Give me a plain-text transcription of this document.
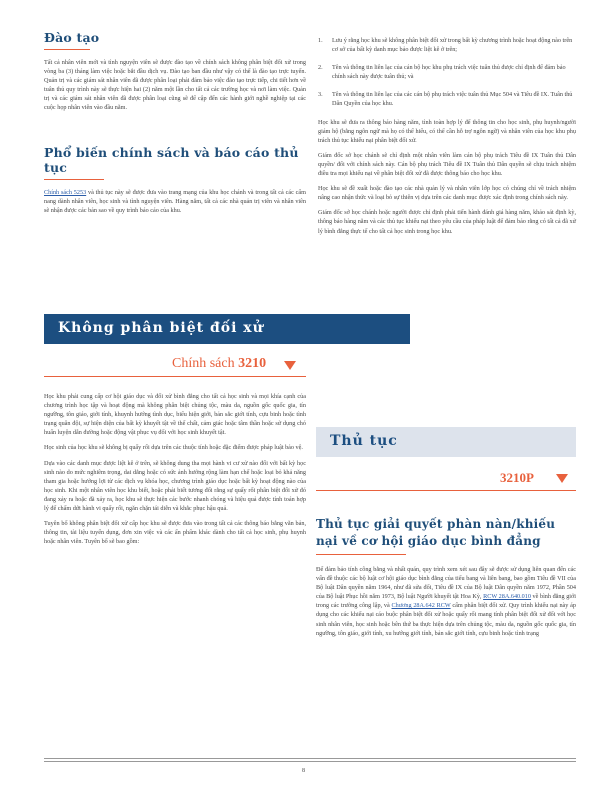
Đào tạo

Tất cả nhân viên mới và tình nguyện viên sẽ được đào tạo về chính sách không phân biệt đối xử trong vòng ba (3) tháng làm việc hoặc bắt đầu dịch vụ. Đào tạo ban đầu như vậy có thể là đào tạo trực tuyến. Quản trị và các giám sát nhân viên đã được phân loại phải đảm bảo việc đào tạo trực tiếp, chi tiết hơn về tuân thủ quy trình này sẽ thực hiện hai (2) năm một lần cho tất cả các trường học và nơi làm việc. Quản trị và các giám sát nhân viên đã được phân loại cũng sẽ để cập đến các hành giới nghề nghiệp tại các cuộc họp nhân viên vào đầu năm.

Phổ biến chính sách và báo cáo thủ tục

Chính sách 5253 và thủ tục này sẽ được đưa vào trang mạng của khu học chánh và trong tất cả các cẩm nang dành nhân viên, học sinh và tình nguyện viên. Hàng năm, tất cả các nhà quản trị viên và nhân viên sẽ nhận được các bản sao về quy trình báo cáo của khu.

Không phân biệt đối xử
Chính sách 3210

Học khu phải cung cấp cơ hội giáo dục và đối xử bình đẳng cho tất cả học sinh và mọi khía cạnh của chương trình học tập và hoạt động mà không phân biệt chủng tộc, màu da, nguồn gốc quốc gia, tín ngưỡng, tôn giáo, giới tính, khuynh hướng tình dục, biểu hiện giới, bản sắc giới tính, cựu binh hoặc tình trạng quân đội, sự hiện diện của bất kỳ khuyết tật về thể chất, cảm giác hoặc tâm thần hoặc sử dụng chó huấn luyện dẫn đường hoặc động vật phục vụ đối với học sinh khuyết tật.

Học sinh của học khu sẽ không bị quấy rối dựa trên các thuộc tính hoặc đặc điểm được pháp luật bảo vệ.

Dựa vào các danh mục được liệt kê ở trên, sẽ không dung tha mọi hành vi cư xử nào đối với bất kỳ học sinh nào do mức nghiêm trọng, dai dẳng hoặc có sức ảnh hưởng rộng làm hạn chế hoặc loại bỏ khả năng tham gia hoặc hưởng lợi từ các dịch vụ khóa học, chương trình giáo dục hoặc bất kỳ hoạt động nào của học sinh. Khi một nhân viên học khu biết, hoặc phải biết tương đối rằng sự quấy rối phân biệt đối xử đó đang xảy ra hoặc đã xảy ra, học khu sẽ thực hiện các bước nhanh chóng và hiệu quả được tính toán hợp lý để chấm dứt hành vi quấy rối, ngăn chặn tái diễn và khắc phục hậu quả.

Tuyên bố không phân biệt đối xử cấp học khu sẽ được đưa vào trong tất cả các thông báo bằng văn bản, thông tin, tài liệu tuyển dụng, đơn xin việc và các ấn phẩm khác dành cho tất cả học sinh, phụ huynh hoặc nhân viên. Tuyên bố sẽ bao gồm:

1. Lưu ý rằng học khu sẽ không phân biệt đối xử trong bất kỳ chương trình hoặc hoạt động nào trên cơ sở của bất kỳ danh mục bảo được liệt kê ở trên;
2. Tên và thông tin liên lạc của cán bộ học khu phụ trách việc tuân thủ được chỉ định để đảm bảo chính sách này được tuân thủ; và
3. Tên và thông tin liên lạc của các cán bộ phụ trách việc tuân thủ Mục 504 và Tiêu đề IX. Tuân thủ Dân Quyền của học khu.

Học khu sẽ đưa ra thông báo hàng năm, tình toàn hợp lý để thông tin cho học sinh, phụ huynh/người giám hộ (bằng ngôn ngữ mà họ có thể hiểu, có thể cần hỗ trợ ngôn ngữ) và nhân viên của học khu phụ trách thủ tục khiếu nại phân biệt đối xử.

Giám đốc sở học chánh sẽ chỉ định một nhân viên làm cán bộ phụ trách Tiêu đề IX Tuân thủ Dân quyền/ đối với chính sách này. Cán bộ phụ trách Tiêu đề IX Tuân thủ Dân quyền sẽ chịu trách nhiệm điều tra mọi khiếu nại về phân biệt đối xử đã được thông báo cho học khu.

Học khu sẽ đề xuất hoặc đào tạo các nhà quản lý và nhân viên lớp học có chúng chỉ về trách nhiệm nâng cao nhận thức và loại bỏ sự thiên vị dựa trên các danh mục được xác định trong chính sách này.

Giám đốc sở học chánh hoặc người được chỉ định phải tiến hành đánh giá hàng năm, khảo sát định kỳ, thông báo hàng năm và các thủ tục khiếu nại theo yêu cầu của pháp luật để đảm bảo rằng có tất cả đã xử lý bình đẳng thực tế cho tất cả học sinh trong học khu.

Thủ tục
3210P
Thủ tục giải quyết phàn nàn/khiếu nại về cơ hội giáo dục bình đẳng

Để đảm bảo tính công bằng và nhất quán, quy trình xem xét sau đây sẽ được sử dụng liên quan đến các vấn đề thuộc các bộ luật cơ hội giáo dục bình đẳng của tiểu bang và liên bang, bao gồm Tiêu đề VII của Bộ luật Dân quyền năm 1964, như đã sửa đổi, Tiêu đề IX của Bộ luật Dân quyền năm 1972, Phần 504 của Bộ luật Phục hồi năm 1973, Bộ luật Người khuyết tật Hoa Kỳ, RCW 28A.640.010 về bình đẳng giới trong các trường công lập, và Chương 28A.642 RCW cấm phân biệt đối xử. Quy trình khiếu nại này áp dụng cho các khiếu nại cáo buộc phân biệt đối xử hoặc quấy rối mang tính phân biệt đối xử đối với học sinh nhân viên, học sinh hoặc bên thứ ba thực hiện dựa trên chủng tộc, màu da, nguồn gốc quốc gia, tín ngưỡng, tôn giáo, giới tính, xu hướng giới tính, bản sắc giới tính, cựu binh hoặc tình trạng

8
